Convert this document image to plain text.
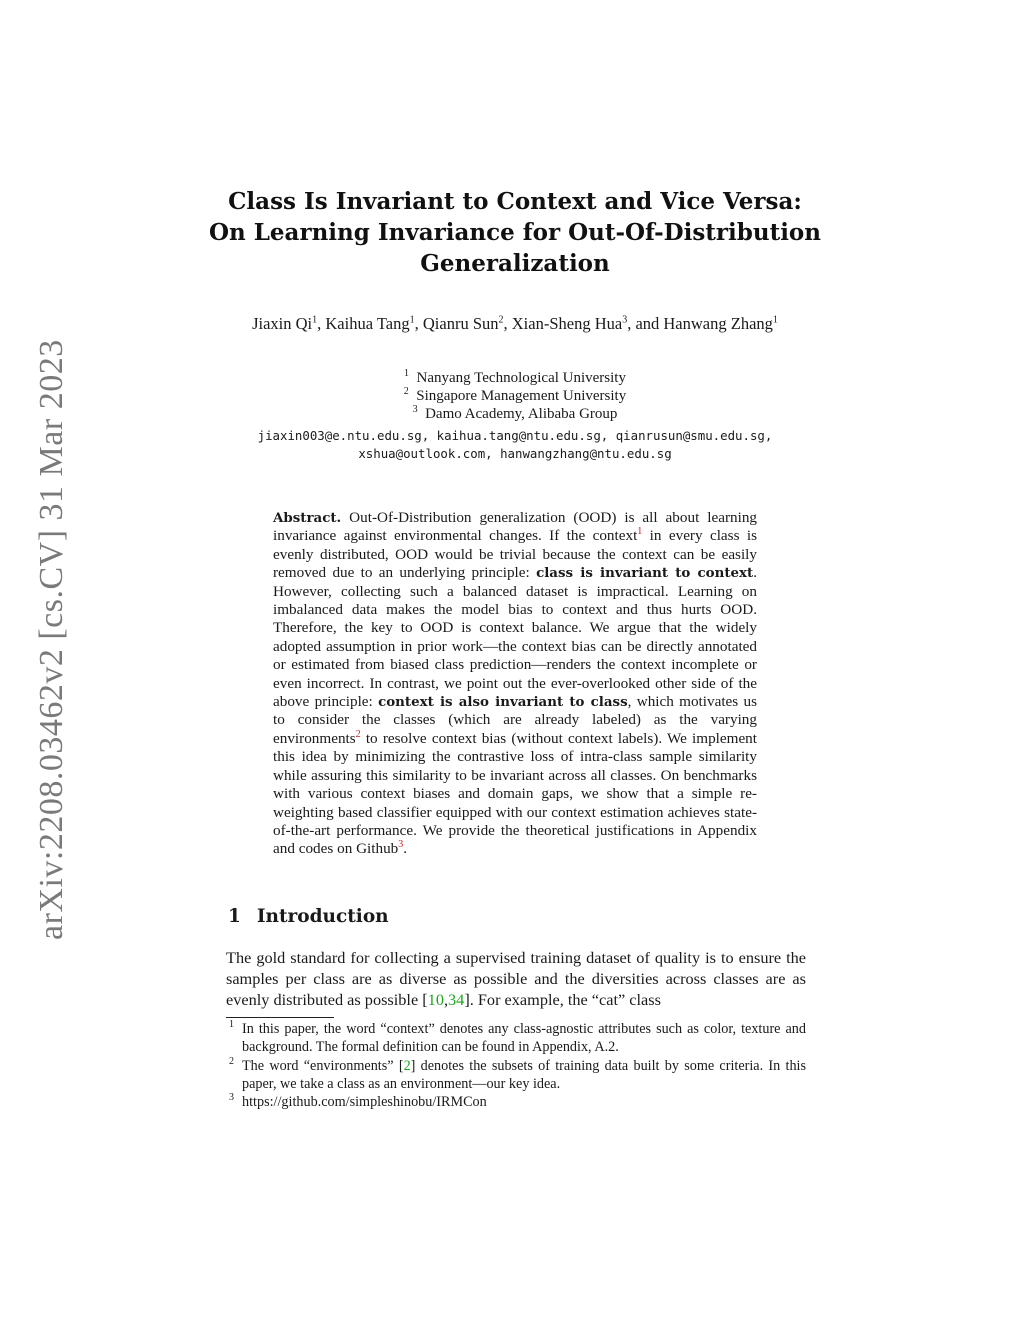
arXiv:2208.03462v2 [cs.CV] 31 Mar 2023
Class Is Invariant to Context and Vice Versa:
On Learning Invariance for Out-Of-Distribution
Generalization
Jiaxin Qi$^1$, Kaihua Tang$^1$, Qianru Sun$^2$, Xian-Sheng Hua$^3$, and Hanwang Zhang$^1$
$^1$ Nanyang Technological University
$^2$ Singapore Management University
$^3$ Damo Academy, Alibaba Group
jiaxin003@e.ntu.edu.sg, kaihua.tang@ntu.edu.sg, qianrusun@smu.edu.sg,
xshua@outlook.com, hanwangzhang@ntu.edu.sg
Abstract. Out-Of-Distribution generalization (OOD) is all about learning invariance against environmental changes. If the context$^1$ in every class is evenly distributed, OOD would be trivial because the context can be easily removed due to an underlying principle: class is invariant to context. However, collecting such a balanced dataset is impractical. Learning on imbalanced data makes the model bias to context and thus hurts OOD. Therefore, the key to OOD is context balance. We argue that the widely adopted assumption in prior work—the context bias can be directly annotated or estimated from biased class prediction—renders the context incomplete or even incorrect. In contrast, we point out the ever-overlooked other side of the above principle: context is also invariant to class, which motivates us to consider the classes (which are already labeled) as the varying environments$^2$ to resolve context bias (without context labels). We implement this idea by minimizing the contrastive loss of intra-class sample similarity while assuring this similarity to be invariant across all classes. On benchmarks with various context biases and domain gaps, we show that a simple re-weighting based classifier equipped with our context estimation achieves state-of-the-art performance. We provide the theoretical justifications in Appendix and codes on Github$^3$.
1 Introduction
The gold standard for collecting a supervised training dataset of quality is to ensure the samples per class are as diverse as possible and the diversities across classes are as evenly distributed as possible [10,34]. For example, the “cat” class
1 In this paper, the word “context” denotes any class-agnostic attributes such as color, texture and background. The formal definition can be found in Appendix, A.2.
2 The word “environments” [2] denotes the subsets of training data built by some criteria. In this paper, we take a class as an environment—our key idea.
3 https://github.com/simpleshinobu/IRMCon
